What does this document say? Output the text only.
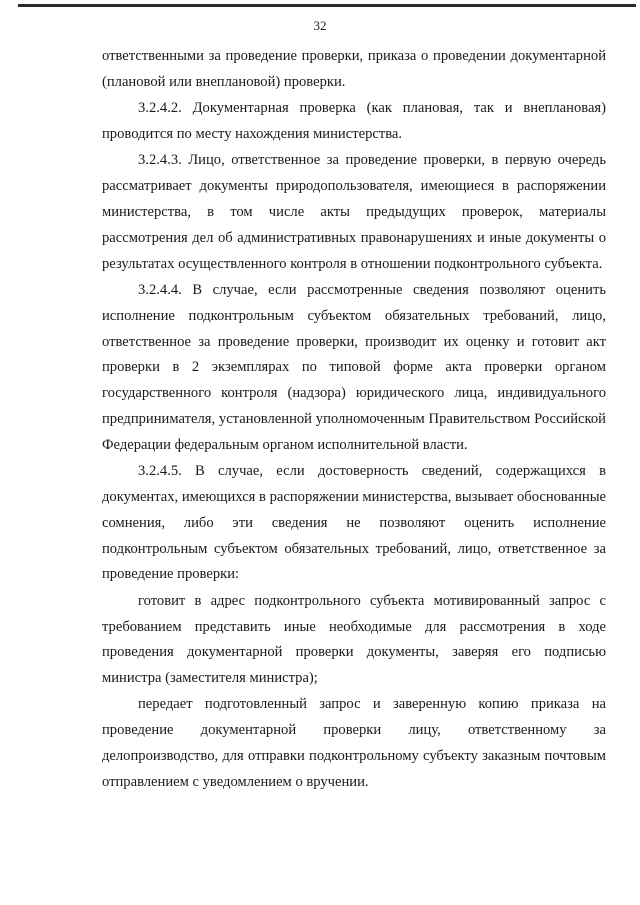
32

ответственными за проведение проверки, приказа о проведении документарной (плановой или внеплановой) проверки.

3.2.4.2. Документарная проверка (как плановая, так и внеплановая) проводится по месту нахождения министерства.

3.2.4.3. Лицо, ответственное за проведение проверки, в первую очередь рассматривает документы природопользователя, имеющиеся в распоряжении министерства, в том числе акты предыдущих проверок, материалы рассмотрения дел об административных правонарушениях и иные документы о результатах осуществленного контроля в отношении подконтрольного субъекта.

3.2.4.4. В случае, если рассмотренные сведения позволяют оценить исполнение подконтрольным субъектом обязательных требований, лицо, ответственное за проведение проверки, производит их оценку и готовит акт проверки в 2 экземплярах по типовой форме акта проверки органом государственного контроля (надзора) юридического лица, индивидуального предпринимателя, установленной уполномоченным Правительством Российской Федерации федеральным органом исполнительной власти.

3.2.4.5. В случае, если достоверность сведений, содержащихся в документах, имеющихся в распоряжении министерства, вызывает обоснованные сомнения, либо эти сведения не позволяют оценить исполнение подконтрольным субъектом обязательных требований, лицо, ответственное за проведение проверки:

готовит в адрес подконтрольного субъекта мотивированный запрос с требованием представить иные необходимые для рассмотрения в ходе проведения документарной проверки документы, заверяя его подписью министра (заместителя министра);

передает подготовленный запрос и заверенную копию приказа на проведение документарной проверки лицу, ответственному за делопроизводство, для отправки подконтрольному субъекту заказным почтовым отправлением с уведомлением о вручении.
